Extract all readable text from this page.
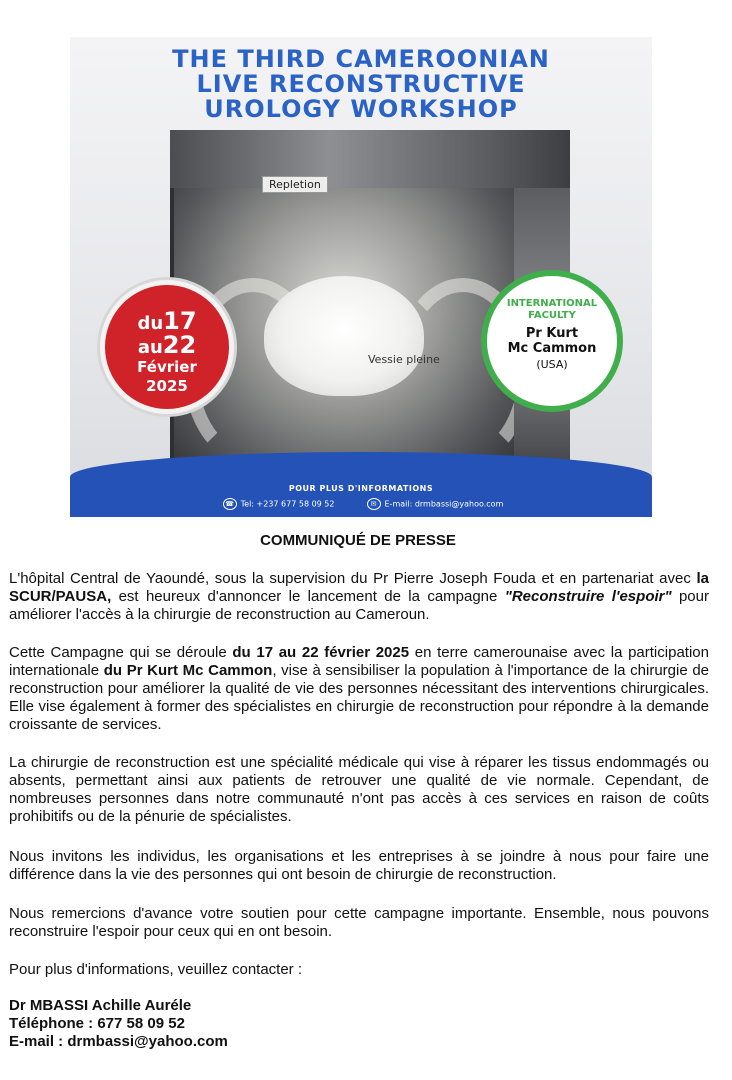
THE THIRD CAMEROONIAN
LIVE RECONSTRUCTIVE
UROLOGY WORKSHOP
Repletion
Vessie pleine
du17
au22
Février
2025
INTERNATIONAL
FACULTY
Pr Kurt
Mc Cammon
(USA)
POUR PLUS D'INFORMATIONS
☎ Tel: +237 677 58 09 52	✉ E-mail: drmbassi@yahoo.com
COMMUNIQUÉ DE PRESSE
L'hôpital Central de Yaoundé, sous la supervision du Pr Pierre Joseph Fouda et en partenariat avec la SCUR/PAUSA, est heureux d'annoncer le lancement de la campagne "Reconstruire l'espoir" pour améliorer l'accès à la chirurgie de reconstruction au Cameroun.
Cette Campagne qui se déroule du 17 au 22 février 2025 en terre camerounaise avec la participation internationale du Pr Kurt Mc Cammon, vise à sensibiliser la population à l'importance de la chirurgie de reconstruction pour améliorer la qualité de vie des personnes nécessitant des interventions chirurgicales. Elle vise également à former des spécialistes en chirurgie de reconstruction pour répondre à la demande croissante de services.
La chirurgie de reconstruction est une spécialité médicale qui vise à réparer les tissus endommagés ou absents, permettant ainsi aux patients de retrouver une qualité de vie normale. Cependant, de nombreuses personnes dans notre communauté n'ont pas accès à ces services en raison de coûts prohibitifs ou de la pénurie de spécialistes.
Nous invitons les individus, les organisations et les entreprises à se joindre à nous pour faire une différence dans la vie des personnes qui ont besoin de chirurgie de reconstruction.
Nous remercions d'avance votre soutien pour cette campagne importante. Ensemble, nous pouvons reconstruire l'espoir pour ceux qui en ont besoin.
Pour plus d'informations, veuillez contacter :
Dr MBASSI Achille Auréle
Téléphone : 677 58 09 52
E-mail : drmbassi@yahoo.com
